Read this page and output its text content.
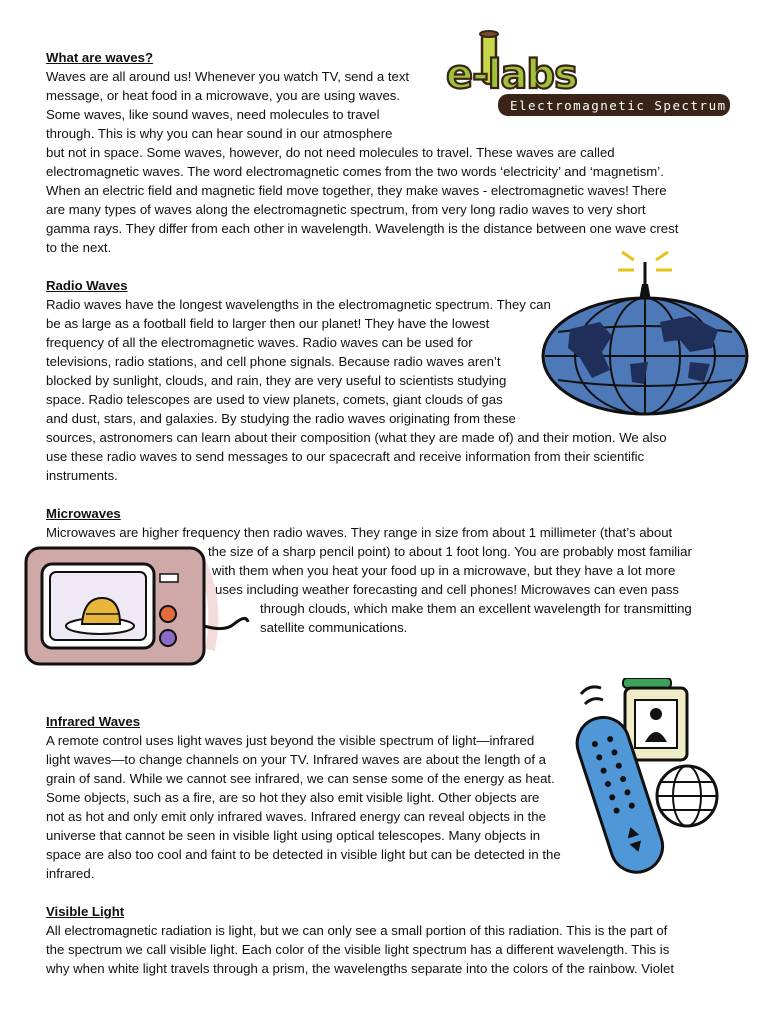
Electromagnetic Spectrum
e-labs
What are waves?
Waves are all around us! Whenever you watch TV, send a text
message, or heat food in a microwave, you are using waves.
Some waves, like sound waves, need molecules to travel
through. This is why you can hear sound in our atmosphere
but not in space. Some waves, however, do not need molecules to travel. These waves are called
electromagnetic waves. The word electromagnetic comes from the two words ‘electricity’ and ‘magnetism’.
When an electric field and magnetic field move together, they make waves - electromagnetic waves! There
are many types of waves along the electromagnetic spectrum, from very long radio waves to very short
gamma rays. They differ from each other in wavelength. Wavelength is the distance between one wave crest
to the next.
Radio Waves
Radio waves have the longest wavelengths in the electromagnetic spectrum. They can
be as large as a football field to larger then our planet! They have the lowest
frequency of all the electromagnetic waves. Radio waves can be used for
televisions, radio stations, and cell phone signals. Because radio waves aren’t
blocked by sunlight, clouds, and rain, they are very useful to scientists studying
space. Radio telescopes are used to view planets, comets, giant clouds of gas
and dust, stars, and galaxies. By studying the radio waves originating from these
sources, astronomers can learn about their composition (what they are made of) and their motion. We also
use these radio waves to send messages to our spacecraft and receive information from their scientific
instruments.
Microwaves
Microwaves are higher frequency then radio waves. They range in size from about 1 millimeter (that’s about
the size of a sharp pencil point) to about 1 foot long. You are probably most familiar
with them when you heat your food up in a microwave, but they have a lot more
uses including weather forecasting and cell phones! Microwaves can even pass
through clouds, which make them an excellent wavelength for transmitting
satellite communications.
Infrared Waves
A remote control uses light waves just beyond the visible spectrum of light—infrared
light waves—to change channels on your TV. Infrared waves are about the length of a
grain of sand. While we cannot see infrared, we can sense some of the energy as heat.
Some objects, such as a fire, are so hot they also emit visible light. Other objects are
not as hot and only emit only infrared waves. Infrared energy can reveal objects in the
universe that cannot be seen in visible light using optical telescopes. Many objects in
space are also too cool and faint to be detected in visible light but can be detected in the
infrared.
Visible Light
All electromagnetic radiation is light, but we can only see a small portion of this radiation. This is the part of
the spectrum we call visible light. Each color of the visible light spectrum has a different wavelength. This is
why when white light travels through a prism, the wavelengths separate into the colors of the rainbow. Violet
